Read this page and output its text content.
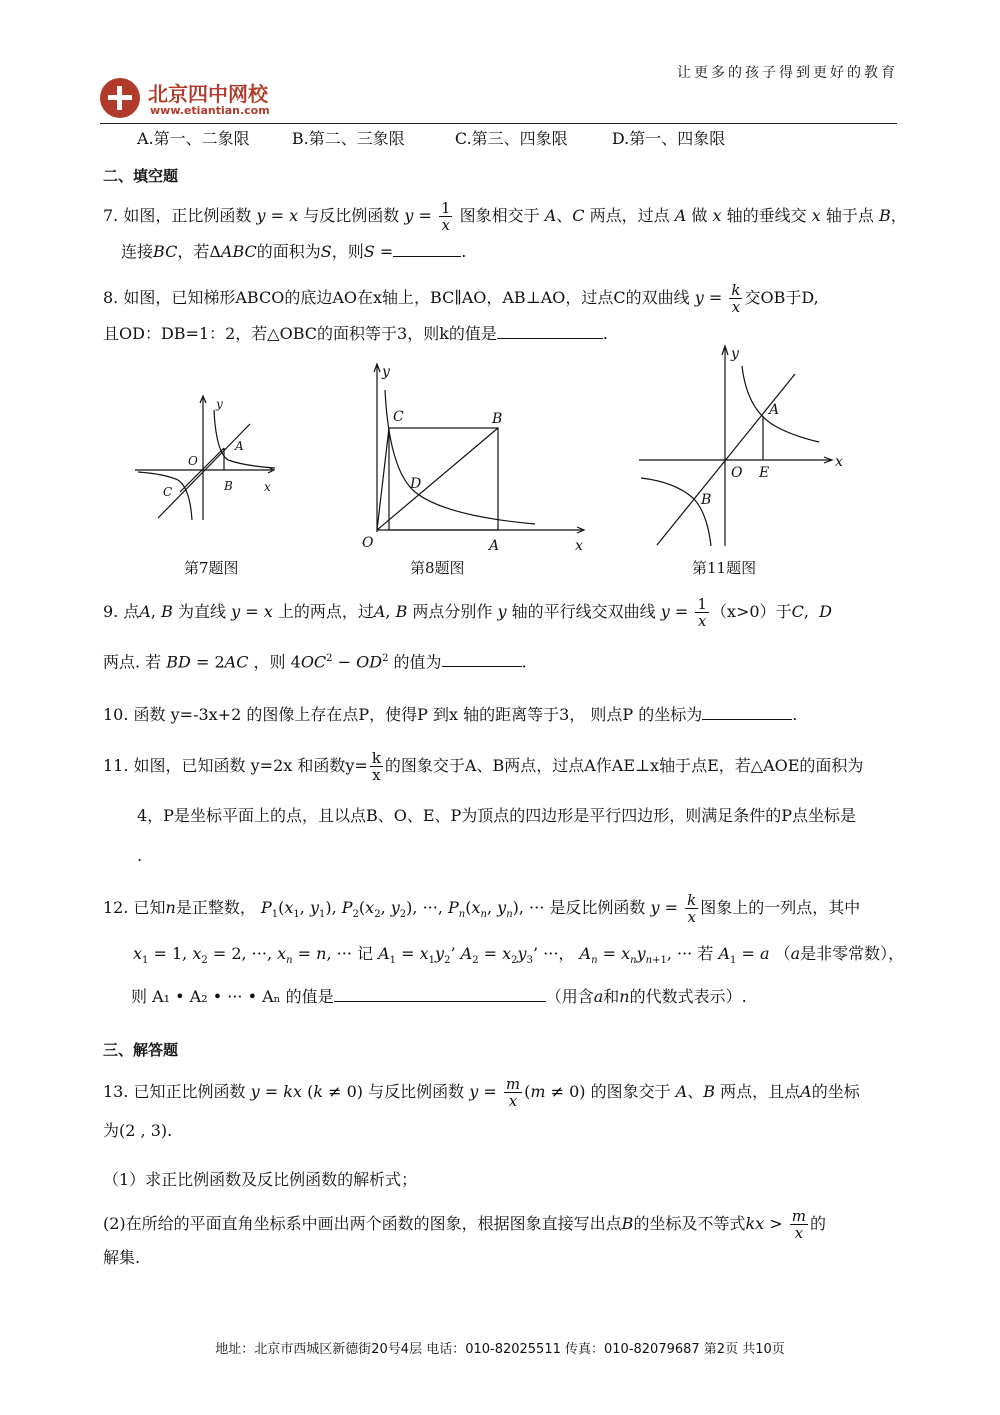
北京四中网校
www.etiantian.com
让更多的孩子得到更好的教育
A.第一、二象限	B.第二、三象限	C.第三、四象限	D.第一、四象限
二、填空题
7. 如图，正比例函数 y = x 与反比例函数 $y = \frac{1}{x}$ 图象相交于 A、C 两点，过点 A 做 x 轴的垂线交 x 轴于点 B，
连接BC，若ΔABC的面积为S，则S =	.
8. 如图，已知梯形ABCO的底边AO在x轴上，BC∥AO，AB⊥AO，过点C的双曲线 $y = \frac{k}{x}$ 交OB于D,
且OD：DB=1：2，若△OBC的面积等于3，则k的值是	.
y
A
O
B	x
C
第7题图
y
C	B
D
O	A	x
第8题图
y
A
O E
x
B
第11题图
9. 点A, B 为直线 y = x 上的两点，过A, B 两点分别作 y 轴的平行线交双曲线 $y = \frac{1}{x} (x>0)$于C,  D
两点. 若 BD = 2AC ，则 $4OC^2 - OD^2$ 的值为	.
10. 函数 y=-3x+2 的图像上存在点P，使得P 到x 轴的距离等于3， 则点P 的坐标为	.
11. 如图，已知函数 y=2x 和函数$y= \frac{k}{x}$ 的图象交于A、B两点，过点A作AE⊥x轴于点E，若△AOE的面积为
4，P是坐标平面上的点，且以点B、O、E、P为顶点的四边形是平行四边形，则满足条件的P点坐标是
.
12. 已知n是正整数， $P_1(x_1$, $y_1$), $P_2(x_2$, $y_2$), ···, $P_n(x_n$, $y_n$), ··· 是反比例函数 $y = \frac{k}{x}$ 图象上的一列点，其中
$x_1 = 1$, $x_2 = 2$, ···, $x_n = n$, ··· 记 $A_1 = x_1y_2$’ $A_2 = x_2y_3$’ ···， $A_n = x_ny_{n+1}$, ··· 若 $A_1 = a$ （a是非零常数），
则 A₁ • A₂ • ··· • Aₙ 的值是	（用含a和n的代数式表示）.
三、解答题
13. 已知正比例函数 y = kx (k ≠ 0) 与反比例函数 $y = \frac{m}{x} (m \ne 0)$ 的图象交于 A、B 两点，且点A的坐标
为(2 , 3).
（1）求正比例函数及反比例函数的解析式；
(2)在所给的平面直角坐标系中画出两个函数的图象，根据图象直接写出点B的坐标及不等式kx > $\frac{m}{x}$ 的
解集.
地址：北京市西城区新德街20号4层 电话：010-82025511 传真：010-82079687 第2页 共10页
